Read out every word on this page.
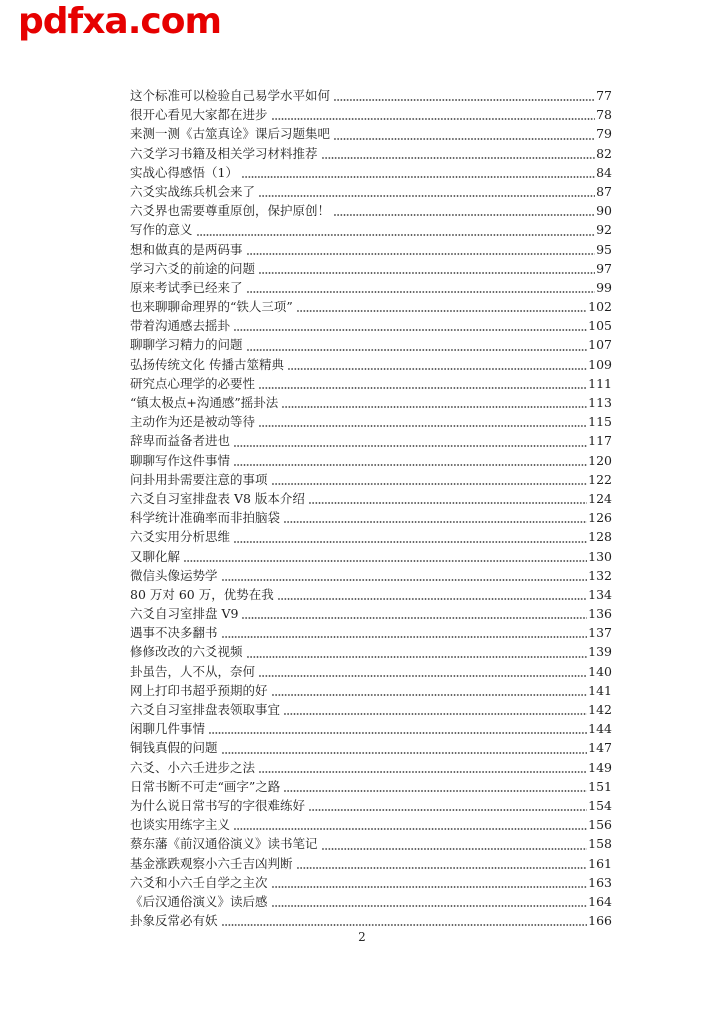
pdfxa.com
这个标准可以检验自己易学水平如何	77
很开心看见大家都在进步	78
来测一测《古筮真诠》课后习题集吧	79
六爻学习书籍及相关学习材料推荐	82
实战心得感悟（1）	84
六爻实战练兵机会来了	87
六爻界也需要尊重原创，保护原创！	90
写作的意义	92
想和做真的是两码事	95
学习六爻的前途的问题	97
原来考试季已经来了	99
也来聊聊命理界的“铁人三项”	102
带着沟通感去摇卦	105
聊聊学习精力的问题	107
弘扬传统文化 传播古筮精典	109
研究点心理学的必要性	111
“镇太极点+沟通感”摇卦法	113
主动作为还是被动等待	115
辞卑而益备者进也	117
聊聊写作这件事情	120
问卦用卦需要注意的事项	122
六爻自习室排盘表 V8 版本介绍	124
科学统计准确率而非拍脑袋	126
六爻实用分析思维	128
又聊化解	130
微信头像运势学	132
80 万对 60 万，优势在我	134
六爻自习室排盘 V9	136
遇事不决多翻书	137
修修改改的六爻视频	139
卦虽告，人不从，奈何	140
网上打印书超乎预期的好	141
六爻自习室排盘表领取事宜	142
闲聊几件事情	144
铜钱真假的问题	147
六爻、小六壬进步之法	149
日常书断不可走“画字”之路	151
为什么说日常书写的字很难练好	154
也谈实用练字主义	156
蔡东藩《前汉通俗演义》读书笔记	158
基金涨跌观察小六壬吉凶判断	161
六爻和小六壬自学之主次	163
《后汉通俗演义》读后感	164
卦象反常必有妖	166
2
